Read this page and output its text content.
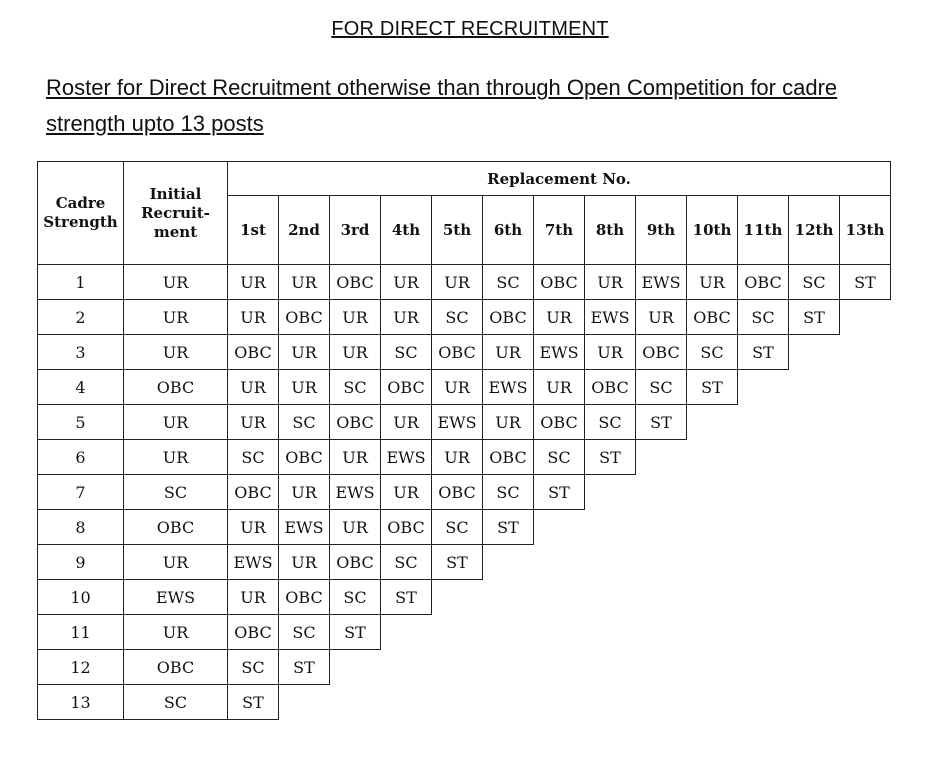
FOR DIRECT RECRUITMENT
Roster for Direct Recruitment otherwise than through Open Competition for cadre strength upto 13 posts
Cadre
Strength	Initial
Recruit-
ment	Replacement No.												
		1st	2nd	3rd	4th	5th	6th	7th	8th	9th	10th	11th	12th	13th
1	UR	UR	UR	OBC	UR	UR	SC	OBC	UR	EWS	UR	OBC	SC	ST
2	UR	UR	OBC	UR	UR	SC	OBC	UR	EWS	UR	OBC	SC	ST	
3	UR	OBC	UR	UR	SC	OBC	UR	EWS	UR	OBC	SC	ST		
4	OBC	UR	UR	SC	OBC	UR	EWS	UR	OBC	SC	ST			
5	UR	UR	SC	OBC	UR	EWS	UR	OBC	SC	ST				
6	UR	SC	OBC	UR	EWS	UR	OBC	SC	ST					
7	SC	OBC	UR	EWS	UR	OBC	SC	ST						
8	OBC	UR	EWS	UR	OBC	SC	ST							
9	UR	EWS	UR	OBC	SC	ST								
10	EWS	UR	OBC	SC	ST									
11	UR	OBC	SC	ST										
12	OBC	SC	ST											
13	SC	ST												
